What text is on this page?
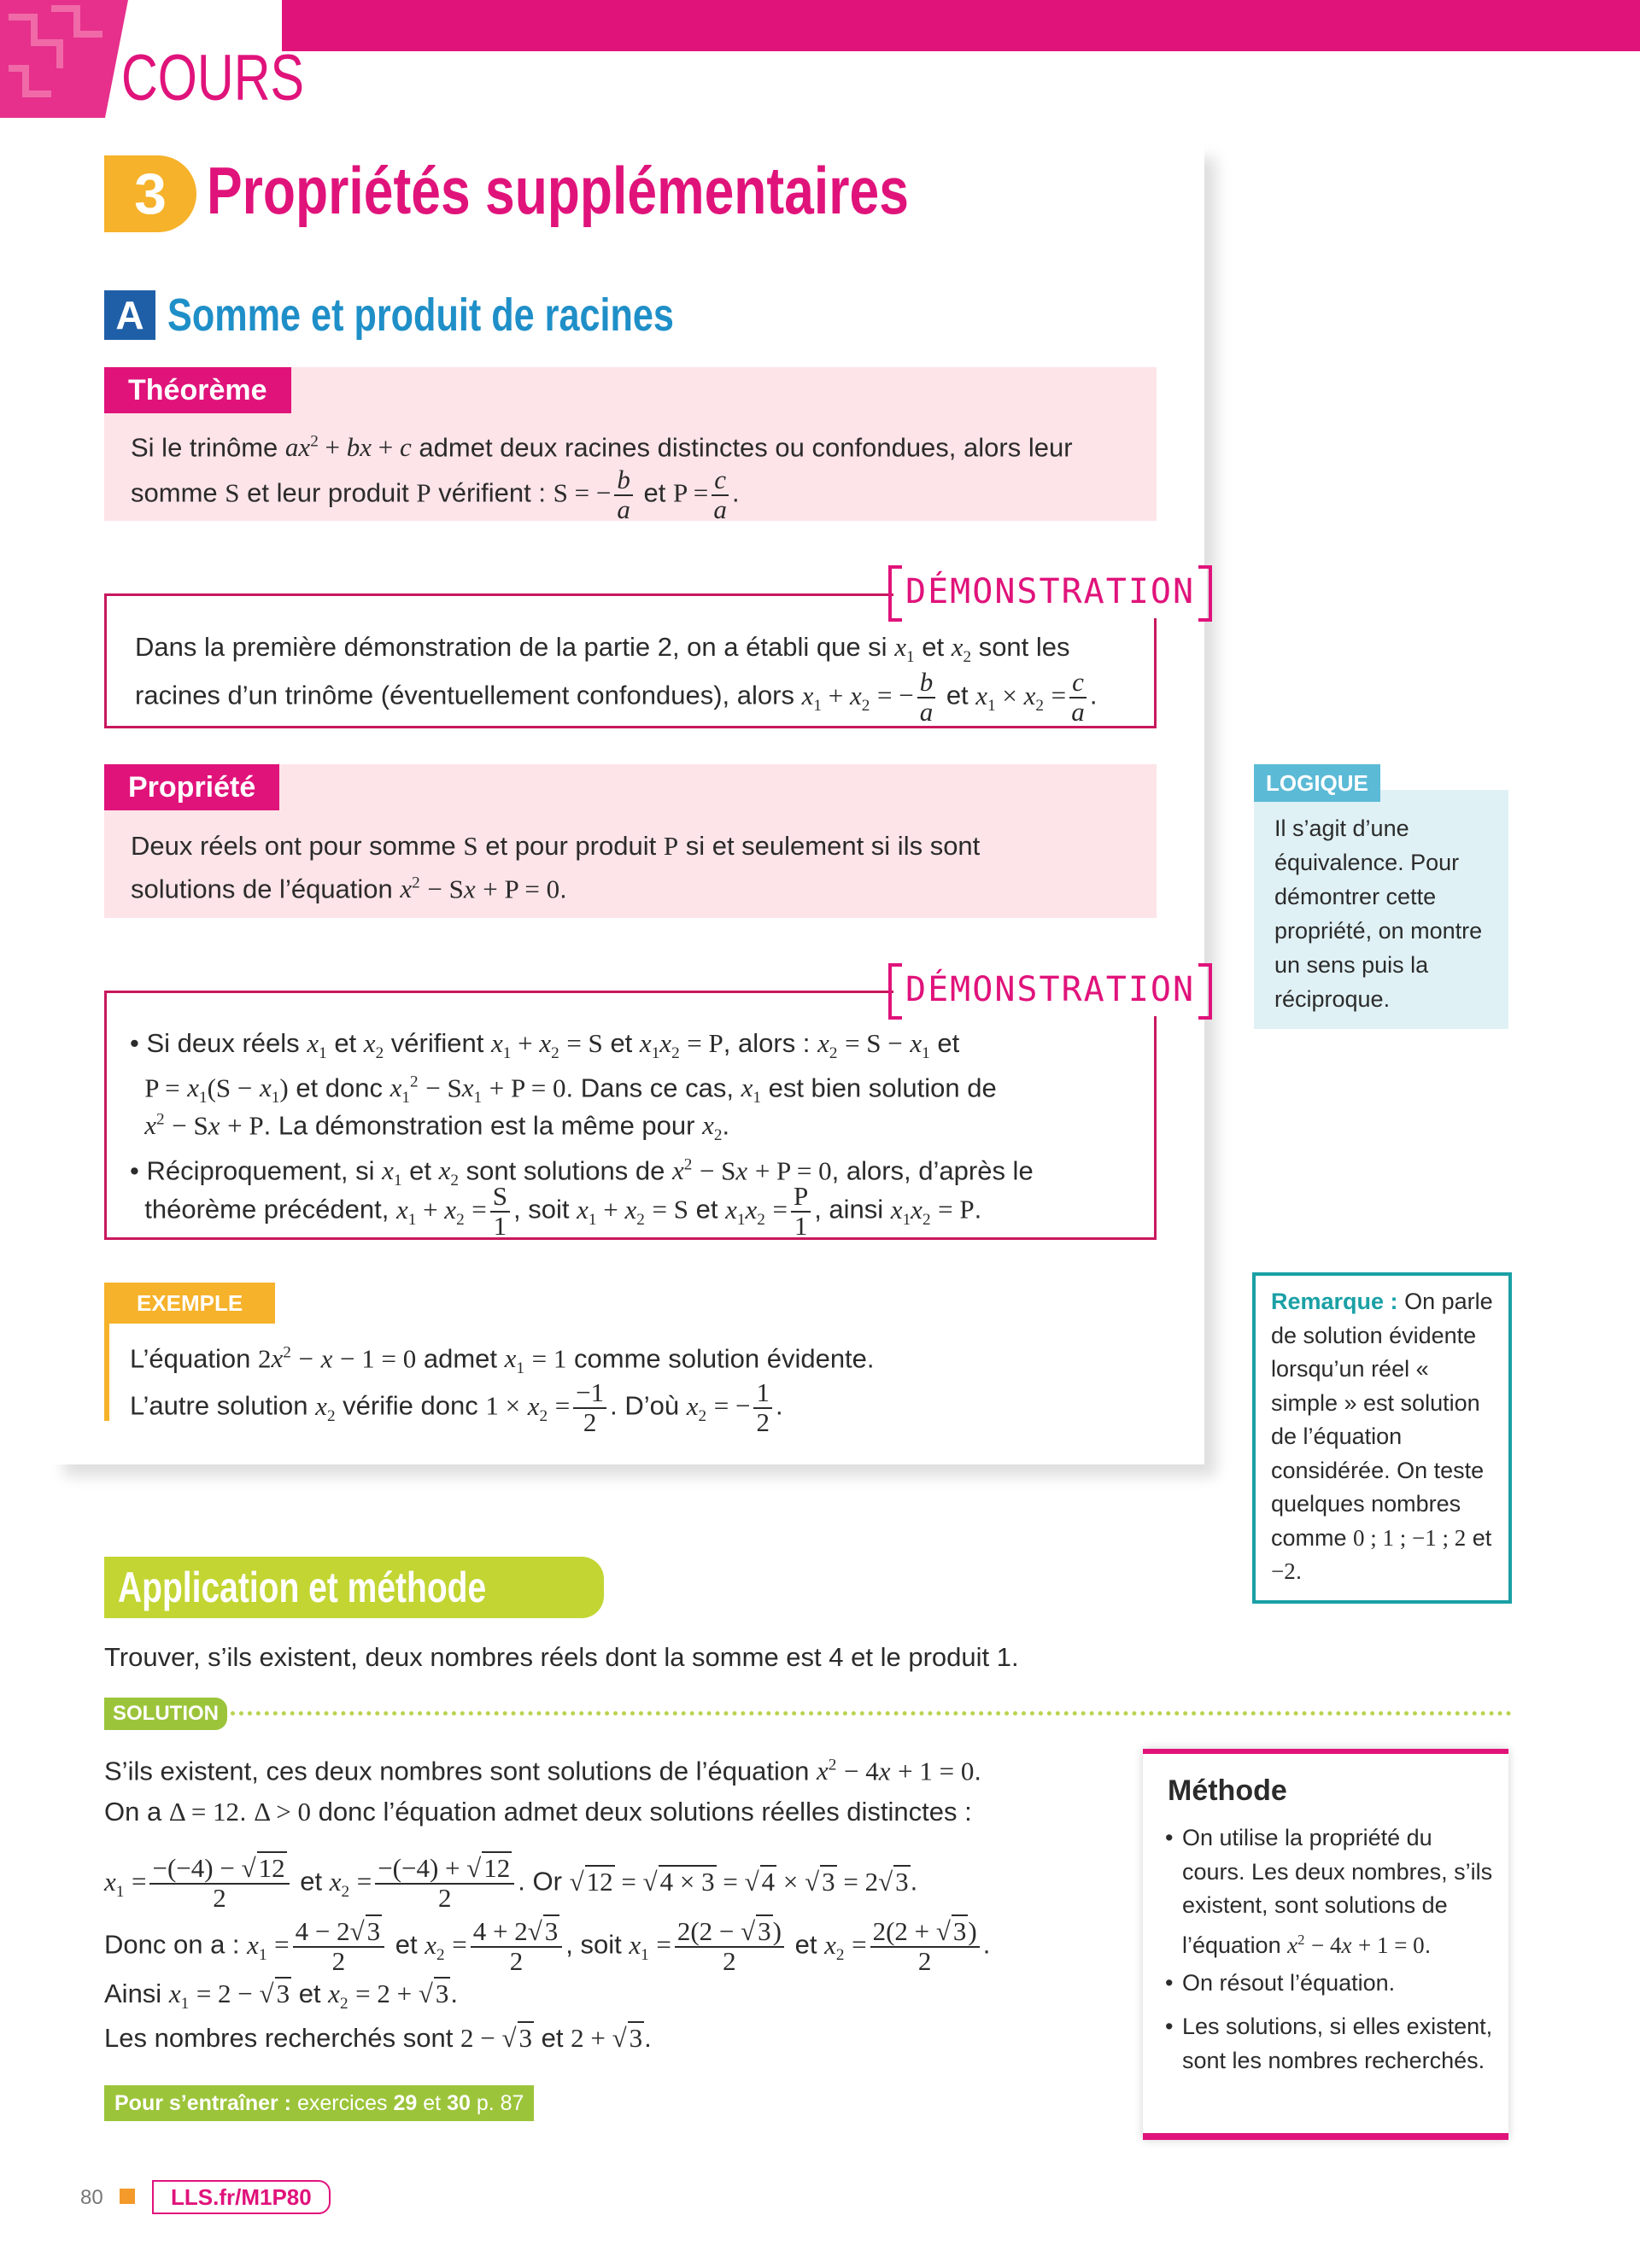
COURS
3 Propriétés supplémentaires
A Somme et produit de racines
Théorème
Si le trinôme $ax^2$ + bx + c admet deux racines distinctes ou confondues, alors leur
somme S et leur produit P vérifient : S = − $\frac{b}{a}$ et $P = \frac{c}{a}$ .
DÉMONSTRATION
Dans la première démonstration de la partie 2, on a établi que si $x_1$ et $x_2$ sont les
racines d’un trinôme (éventuellement confondues), alors $x_1 + x_2$ = − $\frac{b}{a}$ et $x_1 \times x_2 = \frac{c}{a}$ .
Propriété
Deux réels ont pour somme S et pour produit P si et seulement si ils sont
solutions de l’équation $x^2 - Sx + P = 0$.
DÉMONSTRATION
• Si deux réels $x_1$ et $x_2$ vérifient $x_1 + x_2 = S$ et $x_1x_2 = P$, alors : $x_2 = S - x_1$ et
$P = x_1(S - x_1)$ et donc $x_1^2 - Sx_1 + P = 0$. Dans ce cas, $x_1$ est bien solution de
$x^2 - Sx + P$. La démonstration est la même pour $x_2$.
• Réciproquement, si $x_1$ et $x_2$ sont solutions de $x^2 - Sx + P = 0$, alors, d’après le
théorème précédent, $x_1 + x_2 = \frac{S}{1}$ , soit $x_1 + x_2 = S$ et $x_1x_2 = \frac{P}{1}$ , ainsi $x_1x_2 = P$.
EXEMPLE
L’équation $2x^2 - x - 1 = 0$ admet $x_1 = 1$ comme solution évidente.
L’autre solution $x_2$ vérifie donc $1 \times x_2 = \frac{-1}{2}$ . D’où $x_2$ = − $\frac{1}{2}$ .
LOGIQUE
Il s’agit d’une équivalence. Pour démontrer cette propriété, on montre un sens puis la réciproque.
Remarque : On parle de solution évidente lorsqu’un réel « simple » est solution de l’équation considérée. On teste quelques nombres comme 0 ; 1 ; −1 ; 2 et −2.
Application et méthode
Trouver, s’ils existent, deux nombres réels dont la somme est 4 et le produit 1.
SOLUTION
S’ils existent, ces deux nombres sont solutions de l’équation $x^2 - 4x + 1 = 0$.
On a Δ = 12. Δ > 0 donc l’équation admet deux solutions réelles distinctes :
$x_1 = \frac{-(-4) - √12}{2}$ et $x_2 = \frac{-(-4) + √12}{2}$ . Or √12 = √4 × 3 = √4 × √3 = 2√3.
Donc on a : $x_1 = \frac{4 - 2√3}{2}$ et $x_2 = \frac{4 + 2√3}{2}$ , soit $x_1 = \frac{2(2 - √3)}{2}$ et $x_2 = \frac{2(2 + √3)}{2}$ .
Ainsi $x_1 = 2 - √3$ et $x_2 = 2 + √3$.
Les nombres recherchés sont 2 − √3 et 2 + √3.
Pour s’entraîner : exercices 29 et 30 p. 87
Méthode
• On utilise la propriété du cours. Les deux nombres, s’ils existent, sont solutions de l’équation $x^2 - 4x + 1 = 0$.
• On résout l’équation.
• Les solutions, si elles existent, sont les nombres recherchés.
80	LLS.fr/M1P80
